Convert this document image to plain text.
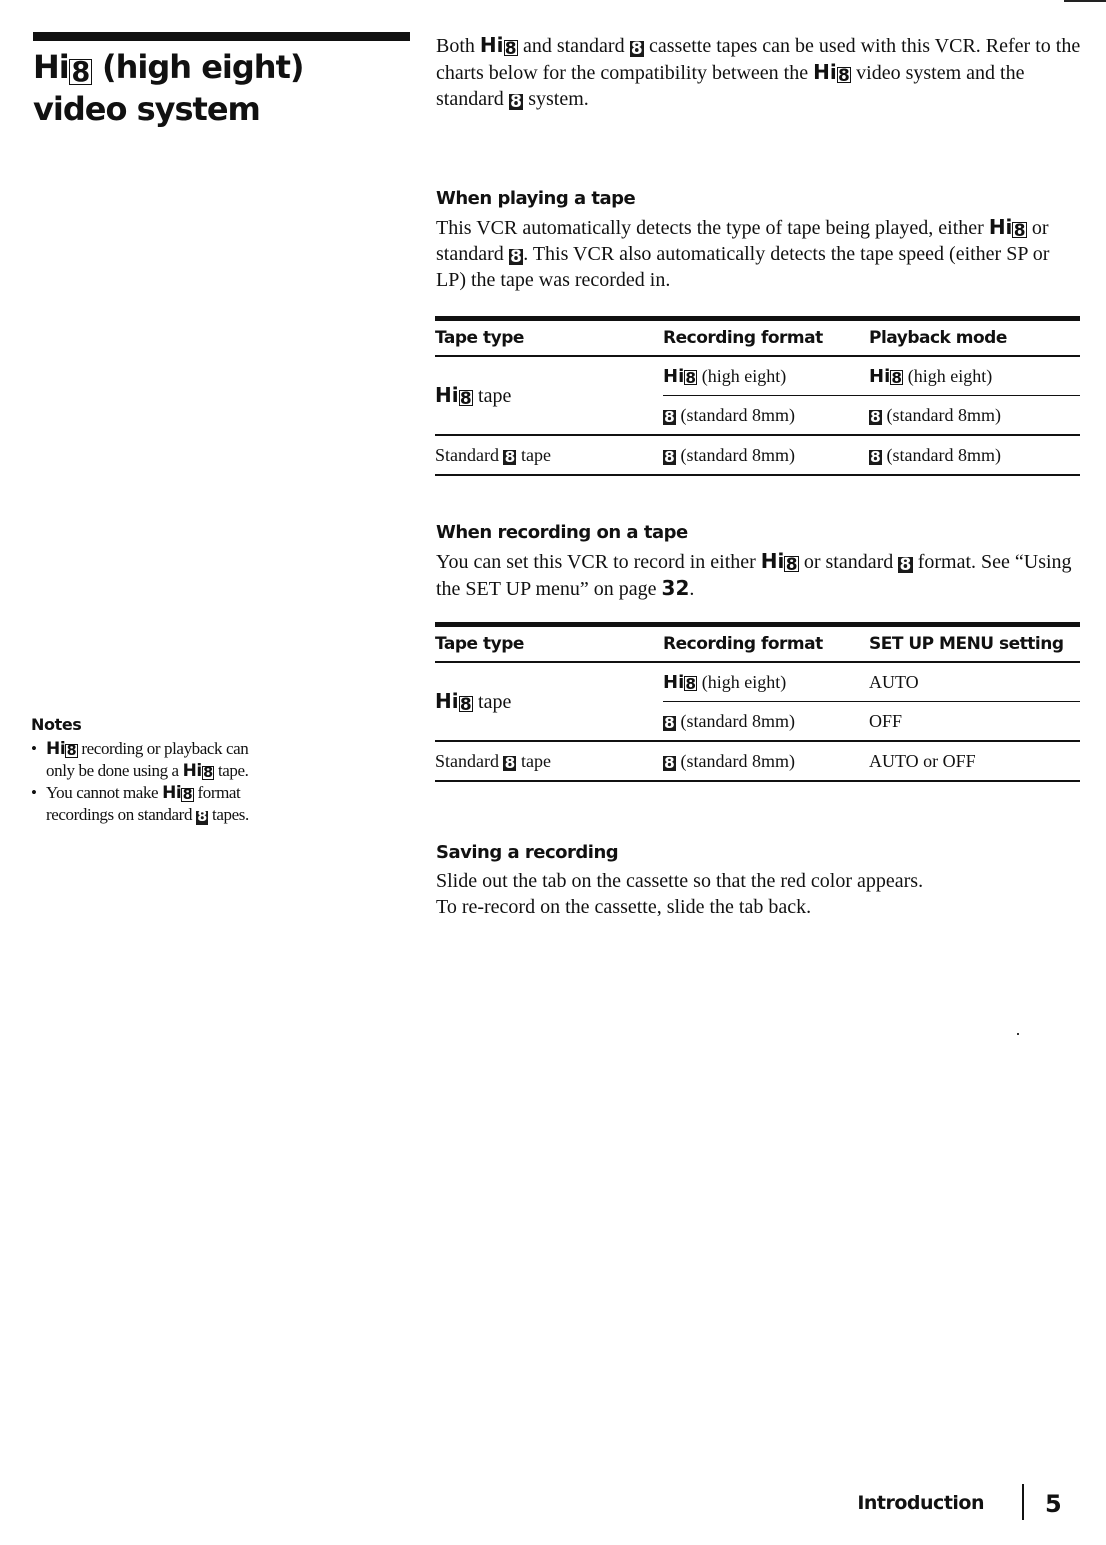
Hi8 (high eight)
video system
Both Hi8 and standard 8 cassette tapes can be used with this VCR. Refer to the charts below for the compatibility between the Hi8 video system and the standard 8 system.
When playing a tape
This VCR automatically detects the type of tape being played, either Hi8 or standard 8. This VCR also automatically detects the tape speed (either SP or LP) the tape was recorded in.
Tape type	Recording format	Playback mode
Hi8 tape	Hi8 (high eight)	Hi8 (high eight)
	8 (standard 8mm)	8 (standard 8mm)
Standard 8 tape	8 (standard 8mm)	8 (standard 8mm)
When recording on a tape
You can set this VCR to record in either Hi8 or standard 8 format. See “Using the SET UP menu” on page 32.
Tape type	Recording format	SET UP MENU setting
Hi8 tape	Hi8 (high eight)	AUTO
	8 (standard 8mm)	OFF
Standard 8 tape	8 (standard 8mm)	AUTO or OFF
Saving a recording
Slide out the tab on the cassette so that the red color appears.
To re-record on the cassette, slide the tab back.
Notes
• Hi8 recording or playback can only be done using a Hi8 tape.
• You cannot make Hi8 format recordings on standard 8 tapes.
Introduction	5
